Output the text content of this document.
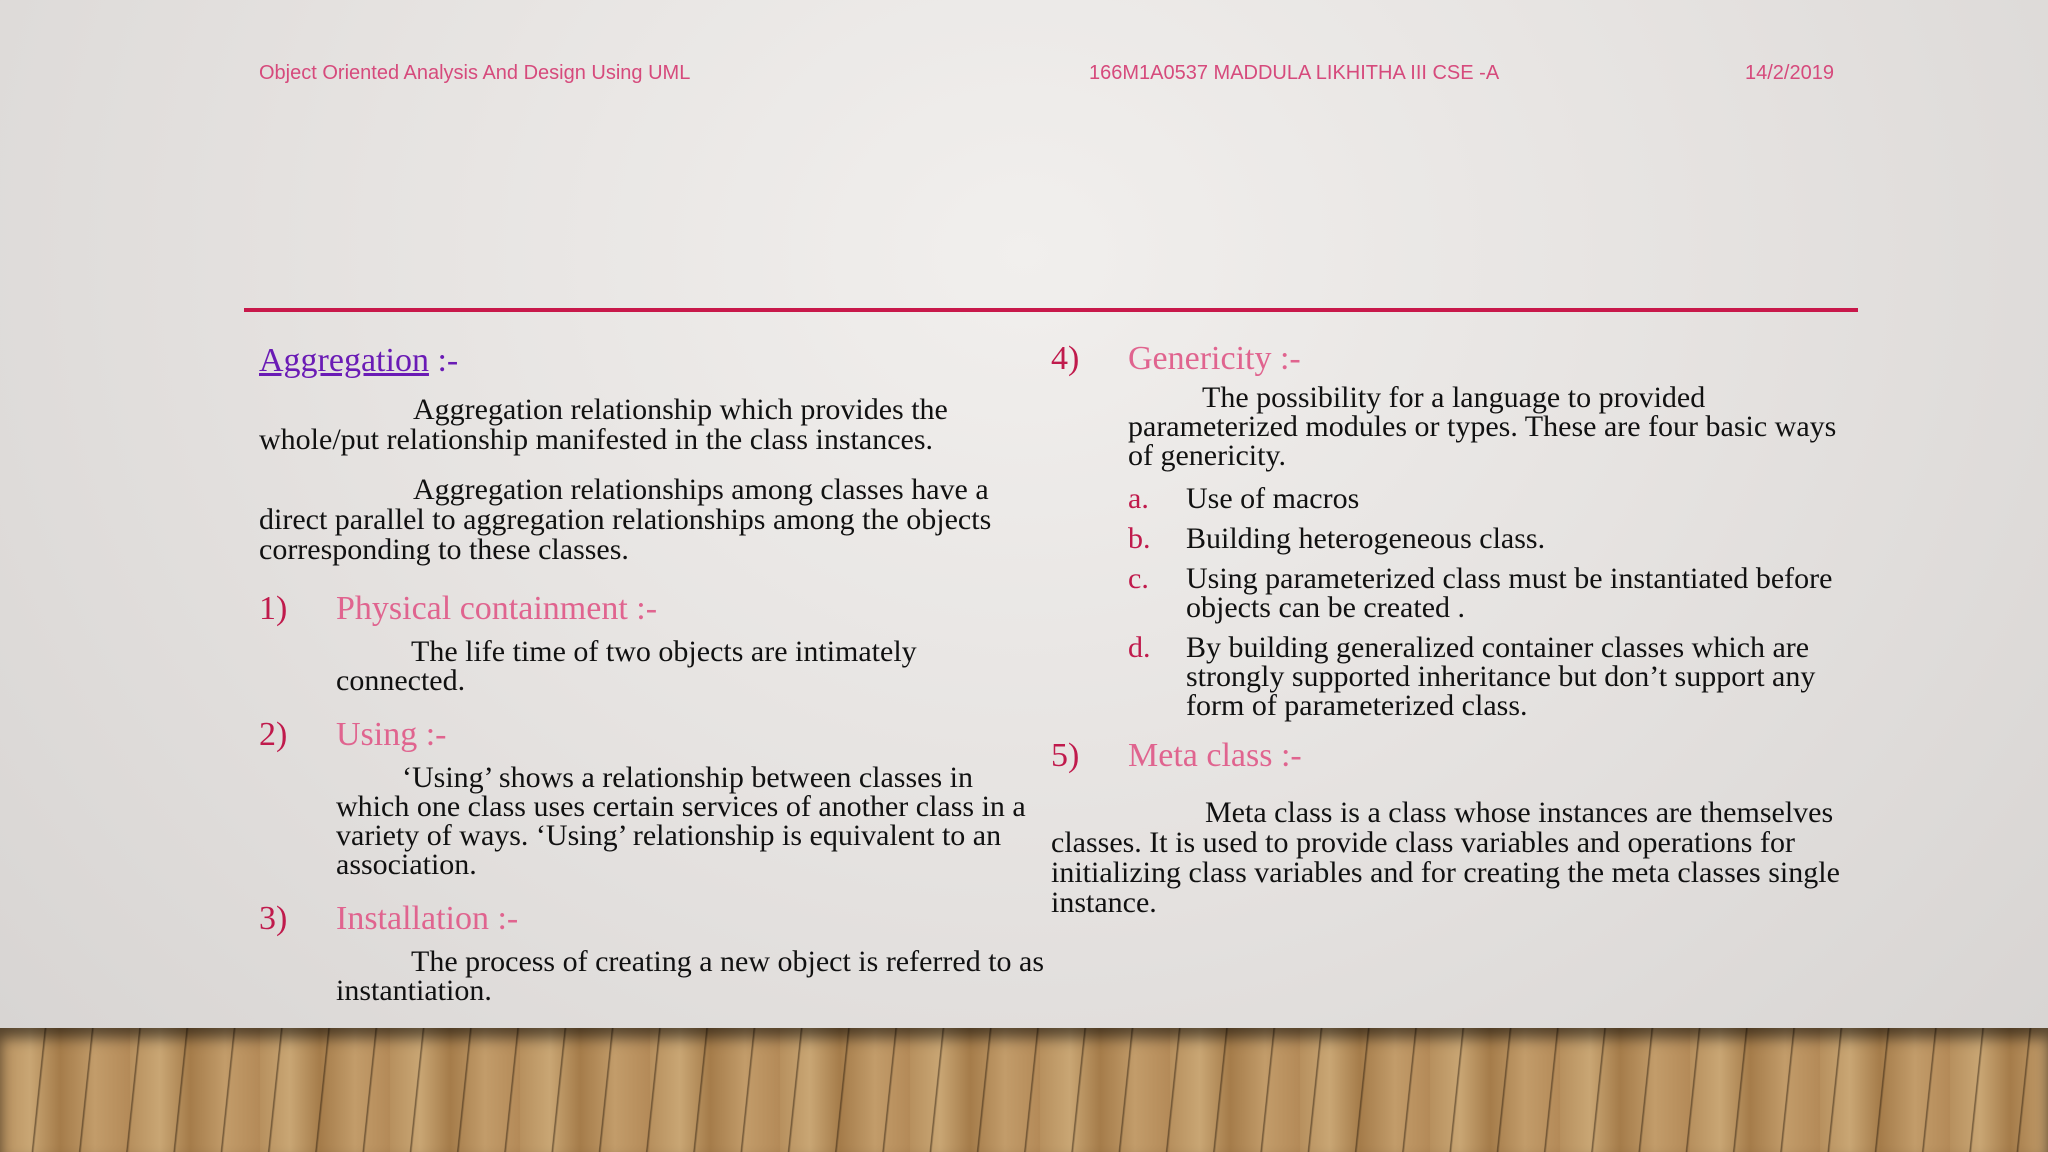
Object Oriented Analysis And Design Using UML	166M1A0537 MADDULA LIKHITHA III CSE -A	14/2/2019
Aggregation :-
Aggregation relationship which provides the whole/put relationship manifested in the class instances.
Aggregation relationships among classes have a direct parallel to aggregation relationships among the objects corresponding to these classes.
1)	Physical containment :-
The life time of two objects are intimately connected.
2)	Using :-
‘Using’ shows a relationship between classes in which one class uses certain services of another class in a variety of ways. ‘Using’ relationship is equivalent to an association.
3)	Installation :-
The process of creating a new object is referred to as instantiation.
4)	Genericity :-
The possibility for a language to provided parameterized modules or types. These are four basic ways of genericity.
a.	Use of macros
b.	Building heterogeneous class.
c.	Using parameterized class must be instantiated before objects can be created .
d.	By building generalized container classes which are strongly supported inheritance but don’t support any form of parameterized class.
5)	Meta class :-
Meta class is a class whose instances are themselves classes. It is used to provide class variables and operations for initializing class variables and for creating the meta classes single instance.
